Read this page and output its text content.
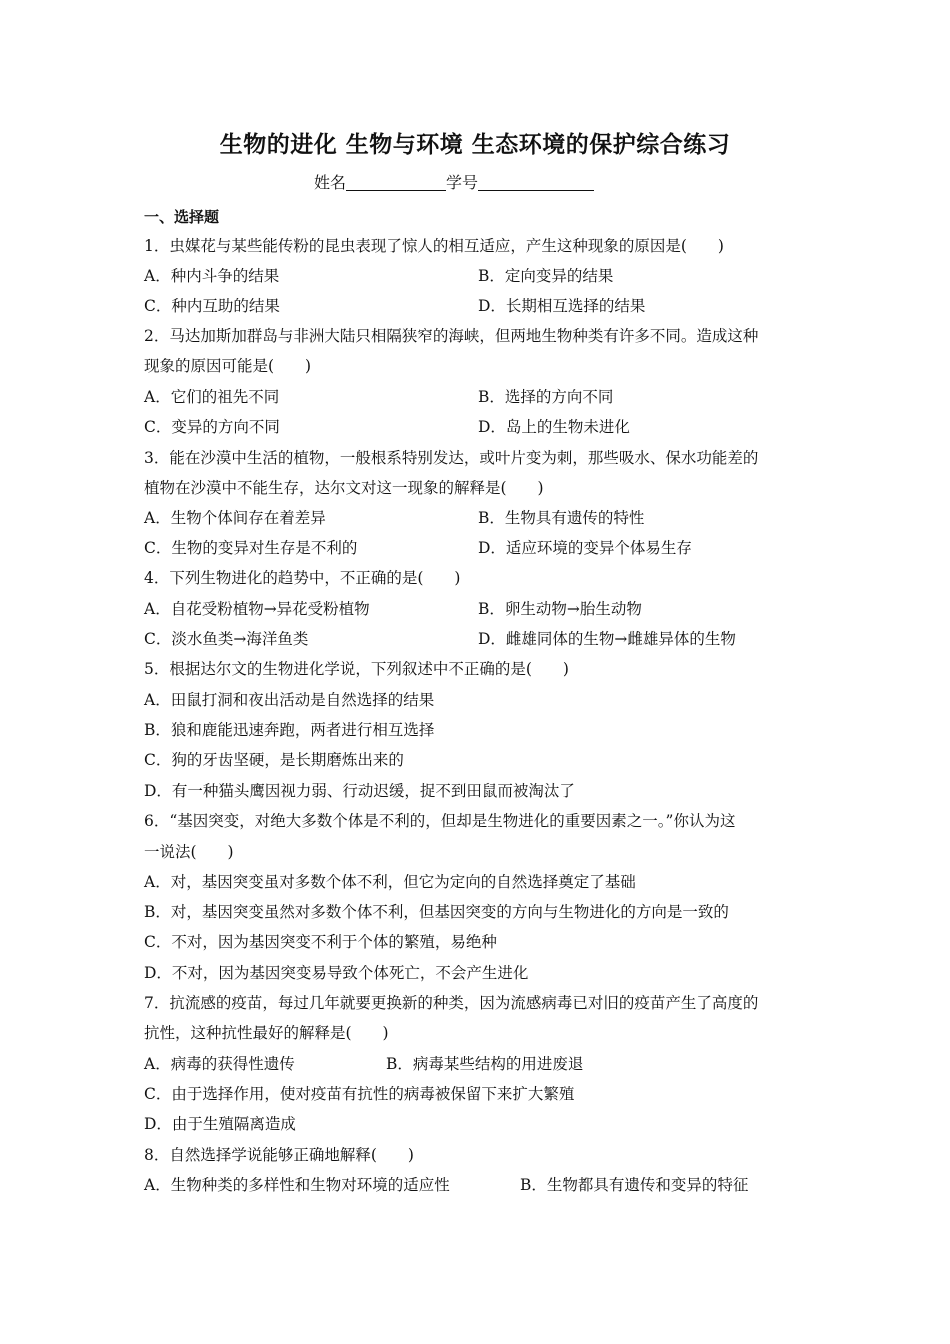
生物的进化 生物与环境 生态环境的保护综合练习
姓名	学号
一、选择题
1．虫媒花与某些能传粉的昆虫表现了惊人的相互适应，产生这种现象的原因是(　　)
A．种内斗争的结果	B．定向变异的结果
C．种内互助的结果	D．长期相互选择的结果
2．马达加斯加群岛与非洲大陆只相隔狭窄的海峡，但两地生物种类有许多不同。造成这种
现象的原因可能是(　　)
A．它们的祖先不同	B．选择的方向不同
C．变异的方向不同	D．岛上的生物未进化
3．能在沙漠中生活的植物，一般根系特别发达，或叶片变为刺，那些吸水、保水功能差的
植物在沙漠中不能生存，达尔文对这一现象的解释是(　　)
A．生物个体间存在着差异	B．生物具有遗传的特性
C．生物的变异对生存是不利的	D．适应环境的变异个体易生存
4．下列生物进化的趋势中，不正确的是(　　)
A．自花受粉植物→异花受粉植物	B．卵生动物→胎生动物
C．淡水鱼类→海洋鱼类	D．雌雄同体的生物→雌雄异体的生物
5．根据达尔文的生物进化学说，下列叙述中不正确的是(　　)
A．田鼠打洞和夜出活动是自然选择的结果
B．狼和鹿能迅速奔跑，两者进行相互选择
C．狗的牙齿坚硬，是长期磨炼出来的
D．有一种猫头鹰因视力弱、行动迟缓，捉不到田鼠而被淘汰了
6．“基因突变，对绝大多数个体是不利的，但却是生物进化的重要因素之一。”你认为这
一说法(　　)
A．对，基因突变虽对多数个体不利，但它为定向的自然选择奠定了基础
B．对，基因突变虽然对多数个体不利，但基因突变的方向与生物进化的方向是一致的
C．不对，因为基因突变不利于个体的繁殖，易绝种
D．不对，因为基因突变易导致个体死亡，不会产生进化
7．抗流感的疫苗，每过几年就要更换新的种类，因为流感病毒已对旧的疫苗产生了高度的
抗性，这种抗性最好的解释是(　　)
A．病毒的获得性遗传	B．病毒某些结构的用进废退
C．由于选择作用，使对疫苗有抗性的病毒被保留下来扩大繁殖
D．由于生殖隔离造成
8．自然选择学说能够正确地解释(　　)
A．生物种类的多样性和生物对环境的适应性	B．生物都具有遗传和变异的特征
